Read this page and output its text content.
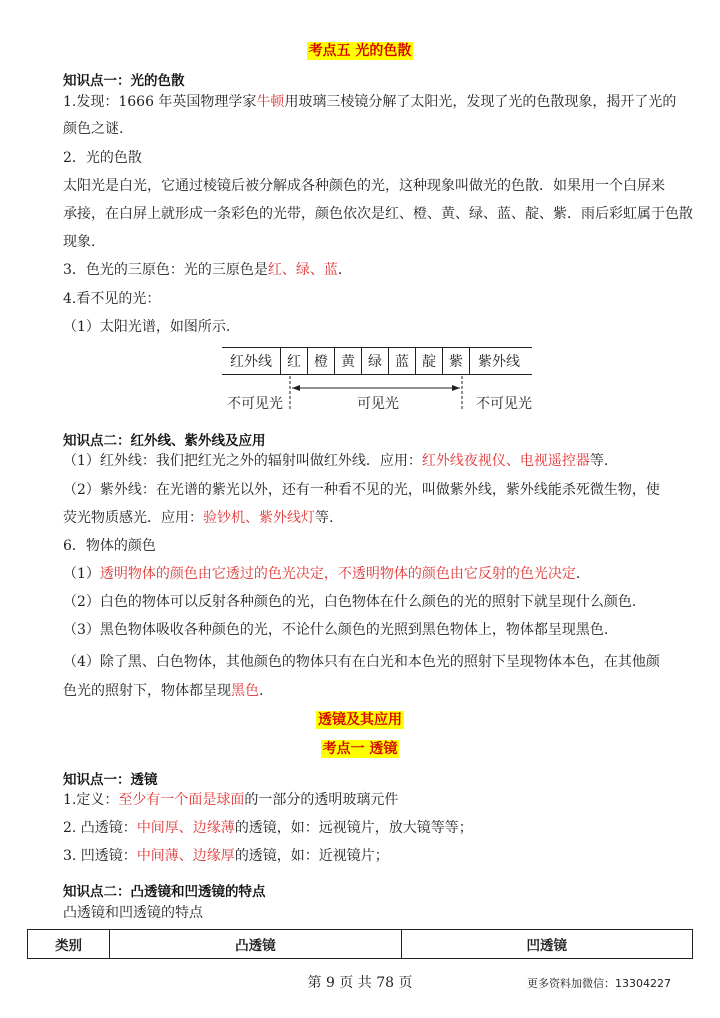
考点五 光的色散
知识点一：光的色散
1.发现：1666 年英国物理学家牛顿用玻璃三棱镜分解了太阳光，发现了光的色散现象，揭开了光的
颜色之谜.
2．光的色散
太阳光是白光，它通过棱镜后被分解成各种颜色的光，这种现象叫做光的色散．如果用一个白屏来
承接，在白屏上就形成一条彩色的光带，颜色依次是红、橙、黄、绿、蓝、靛、紫．雨后彩虹属于色散
现象.
3．色光的三原色：光的三原色是红、绿、蓝.
4.看不见的光：
（1）太阳光谱，如图所示.
红外线	红	橙	黄	绿	蓝	靛	紫	紫外线
不可见光	可见光	不可见光
知识点二：红外线、紫外线及应用
（1）红外线：我们把红光之外的辐射叫做红外线．应用：红外线夜视仪、电视遥控器等.
（2）紫外线：在光谱的紫光以外，还有一种看不见的光，叫做紫外线，紫外线能杀死微生物，使
荧光物质感光．应用：验钞机、紫外线灯等.
6．物体的颜色
（1）透明物体的颜色由它透过的色光决定，不透明物体的颜色由它反射的色光决定.
（2）白色的物体可以反射各种颜色的光，白色物体在什么颜色的光的照射下就呈现什么颜色.
（3）黑色物体吸收各种颜色的光，不论什么颜色的光照到黑色物体上，物体都呈现黑色.
（4）除了黑、白色物体，其他颜色的物体只有在白光和本色光的照射下呈现物体本色，在其他颜
色光的照射下，物体都呈现黑色.
透镜及其应用
考点一 透镜
知识点一：透镜
1.定义：至少有一个面是球面的一部分的透明玻璃元件
2. 凸透镜：中间厚、边缘薄的透镜，如：远视镜片，放大镜等等；
3. 凹透镜：中间薄、边缘厚的透镜，如：近视镜片；
知识点二：凸透镜和凹透镜的特点
凸透镜和凹透镜的特点
类别	凸透镜	凹透镜
第 9 页 共 78 页	更多资料加微信：13304227
